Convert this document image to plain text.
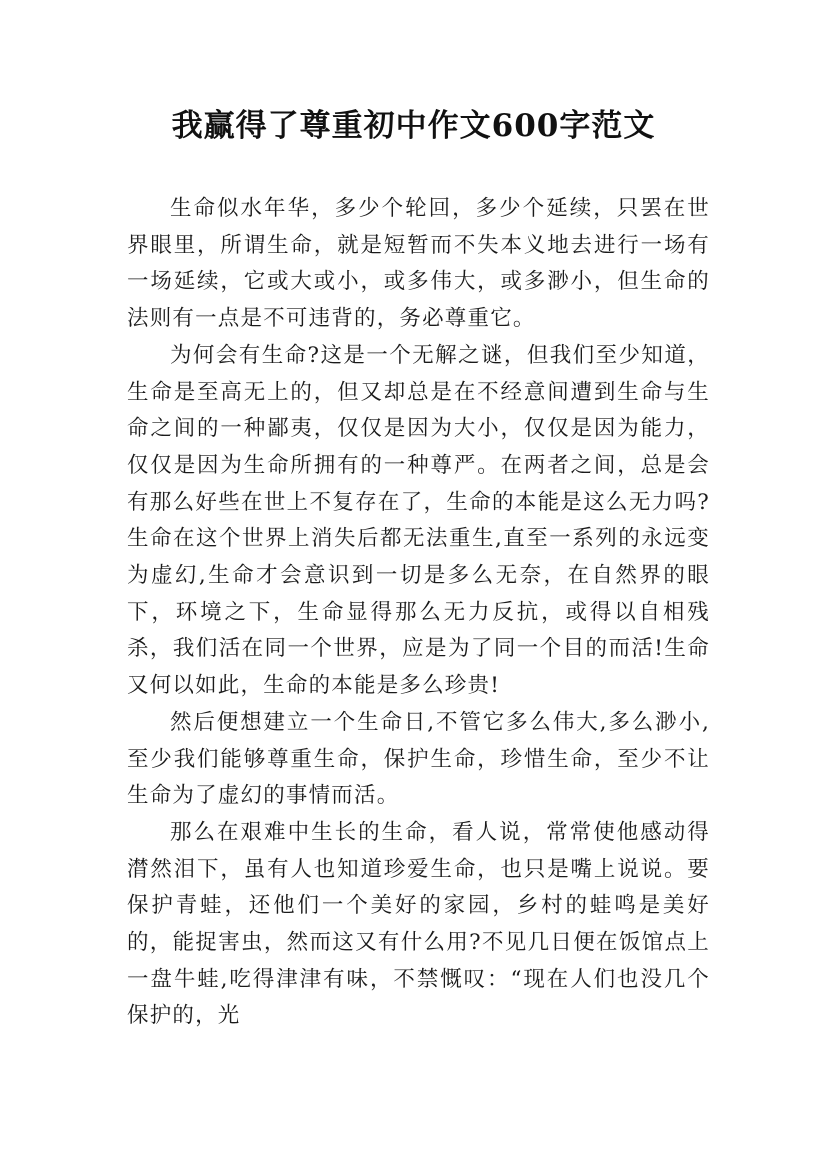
我赢得了尊重初中作文600字范文

生命似水年华，多少个轮回，多少个延续，只罢在世界眼里，所谓生命，就是短暂而不失本义地去进行一场有一场延续，它或大或小，或多伟大，或多渺小，但生命的法则有一点是不可违背的，务必尊重它。

为何会有生命?这是一个无解之谜，但我们至少知道，生命是至高无上的，但又却总是在不经意间遭到生命与生命之间的一种鄙夷，仅仅是因为大小，仅仅是因为能力，仅仅是因为生命所拥有的一种尊严。在两者之间，总是会有那么好些在世上不复存在了，生命的本能是这么无力吗?生命在这个世界上消失后都无法重生,直至一系列的永远变为虚幻,生命才会意识到一切是多么无奈，在自然界的眼下，环境之下，生命显得那么无力反抗，或得以自相残杀，我们活在同一个世界，应是为了同一个目的而活!生命又何以如此，生命的本能是多么珍贵!

然后便想建立一个生命日,不管它多么伟大,多么渺小,至少我们能够尊重生命，保护生命，珍惜生命，至少不让生命为了虚幻的事情而活。

那么在艰难中生长的生命，看人说，常常使他感动得潸然泪下，虽有人也知道珍爱生命，也只是嘴上说说。要保护青蛙，还他们一个美好的家园，乡村的蛙鸣是美好的，能捉害虫，然而这又有什么用?不见几日便在饭馆点上一盘牛蛙,吃得津津有味，不禁慨叹：“现在人们也没几个保护的，光
